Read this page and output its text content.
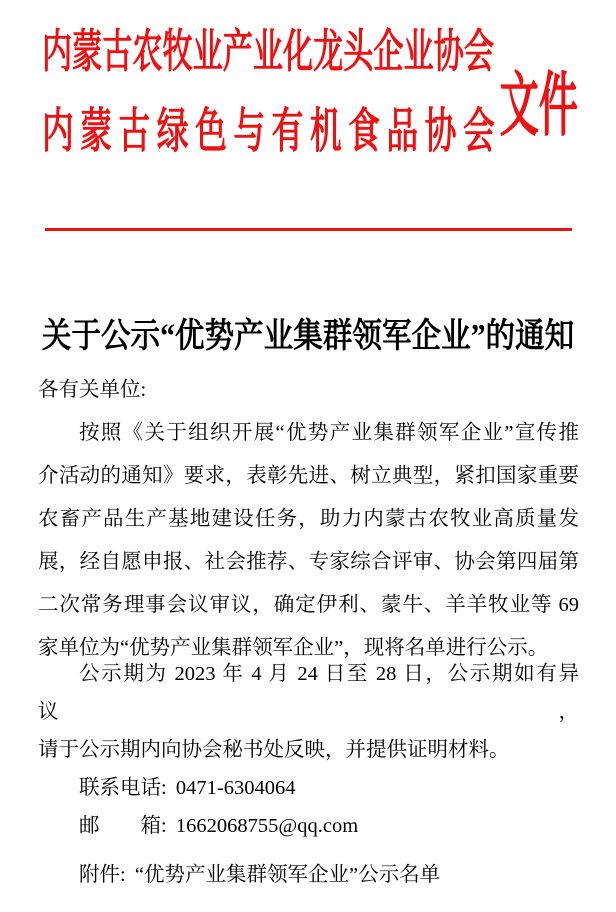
内蒙古农牧业产业化龙头企业协会
内蒙古绿色与有机食品协会
文件
关于公示“优势产业集群领军企业”的通知
各有关单位:
按照《关于组织开展“优势产业集群领军企业”宣传推
介活动的通知》要求，表彰先进、树立典型，紧扣国家重要
农畜产品生产基地建设任务，助力内蒙古农牧业高质量发
展，经自愿申报、社会推荐、专家综合评审、协会第四届第
二次常务理事会议审议，确定伊利、蒙牛、羊羊牧业等 69
家单位为“优势产业集群领军企业”，现将名单进行公示。
公示期为 2023 年 4 月 24 日至 28 日，公示期如有异议，
请于公示期内向协会秘书处反映，并提供证明材料。
联系电话: 0471-6304064
邮　　箱: 1662068755@qq.com
附件: “优势产业集群领军企业”公示名单
